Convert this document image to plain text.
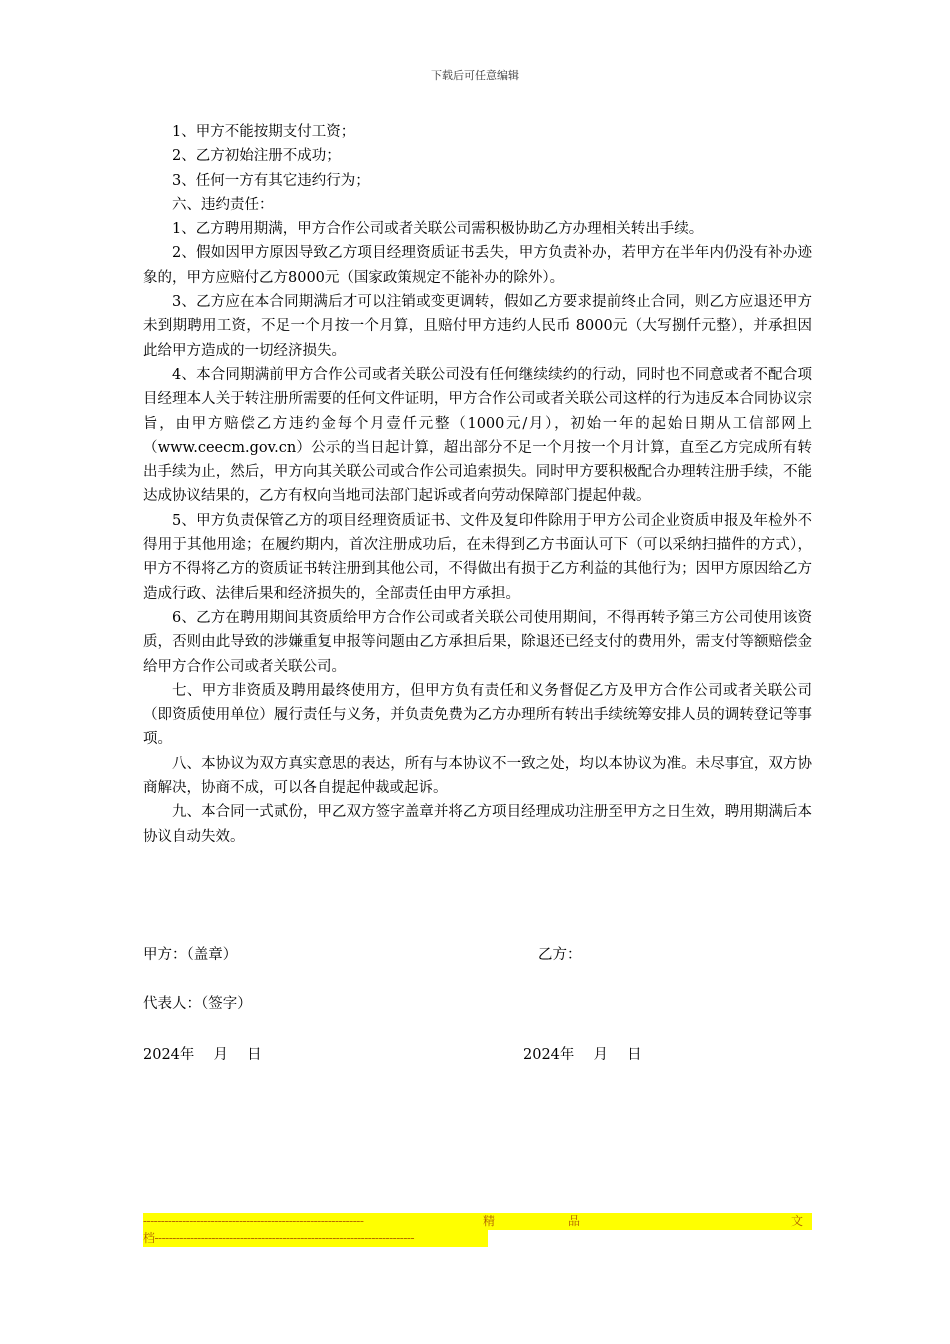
下载后可任意编辑

1、甲方不能按期支付工资；

2、乙方初始注册不成功；

3、任何一方有其它违约行为；

六、违约责任：

1、乙方聘用期满，甲方合作公司或者关联公司需积极协助乙方办理相关转出手续。

2、假如因甲方原因导致乙方项目经理资质证书丢失，甲方负责补办，若甲方在半年内仍没有补办迹象的，甲方应赔付乙方8000元（国家政策规定不能补办的除外）。

3、乙方应在本合同期满后才可以注销或变更调转，假如乙方要求提前终止合同，则乙方应退还甲方未到期聘用工资，不足一个月按一个月算，且赔付甲方违约人民币 8000元（大写捌仟元整），并承担因此给甲方造成的一切经济损失。

4、本合同期满前甲方合作公司或者关联公司没有任何继续续约的行动，同时也不同意或者不配合项目经理本人关于转注册所需要的任何文件证明，甲方合作公司或者关联公司这样的行为违反本合同协议宗旨，由甲方赔偿乙方违约金每个月壹仟元整（1000元/月），初始一年的起始日期从工信部网上（www.ceecm.gov.cn）公示的当日起计算，超出部分不足一个月按一个月计算，直至乙方完成所有转出手续为止，然后，甲方向其关联公司或合作公司追索损失。同时甲方要积极配合办理转注册手续，不能达成协议结果的，乙方有权向当地司法部门起诉或者向劳动保障部门提起仲裁。

5、甲方负责保管乙方的项目经理资质证书、文件及复印件除用于甲方公司企业资质申报及年检外不得用于其他用途；在履约期内，首次注册成功后，在未得到乙方书面认可下（可以采纳扫描件的方式），甲方不得将乙方的资质证书转注册到其他公司，不得做出有损于乙方利益的其他行为；因甲方原因给乙方造成行政、法律后果和经济损失的，全部责任由甲方承担。

6、乙方在聘用期间其资质给甲方合作公司或者关联公司使用期间，不得再转予第三方公司使用该资质，否则由此导致的涉嫌重复申报等问题由乙方承担后果，除退还已经支付的费用外，需支付等额赔偿金给甲方合作公司或者关联公司。

七、甲方非资质及聘用最终使用方，但甲方负有责任和义务督促乙方及甲方合作公司或者关联公司（即资质使用单位）履行责任与义务，并负责免费为乙方办理所有转出手续统筹安排人员的调转登记等事项。

八、本协议为双方真实意思的表达，所有与本协议不一致之处，均以本协议为准。未尽事宜，双方协商解决，协商不成，可以各自提起仲裁或起诉。

九、本合同一式贰份，甲乙双方签字盖章并将乙方项目经理成功注册至甲方之日生效，聘用期满后本协议自动失效。

甲方：（盖章）	乙方：
代表人：（签字）
2024年　 月　 日	2024年　 月　 日
--------------------------------------------------------------	精	品	文
档-------------------------------------------------------------------------
